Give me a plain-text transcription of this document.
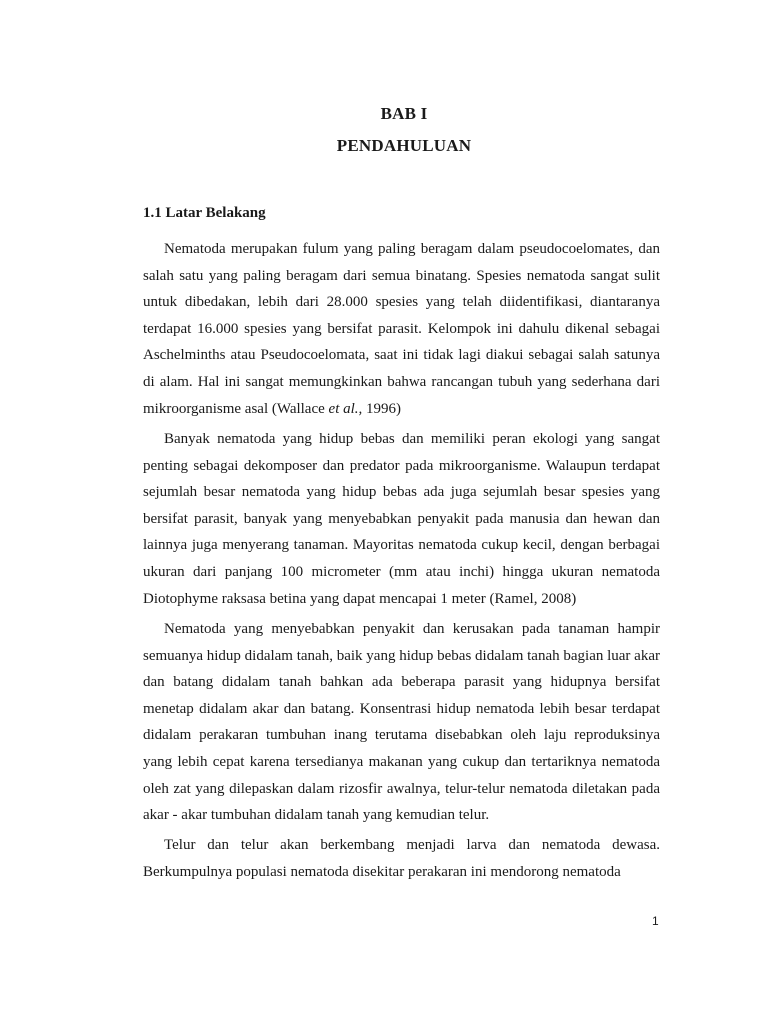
BAB I
PENDAHULUAN
1.1 Latar Belakang

Nematoda merupakan fulum yang paling beragam dalam pseudocoelomates, dan salah satu yang paling beragam dari semua binatang. Spesies nematoda sangat sulit untuk dibedakan, lebih dari 28.000 spesies yang telah diidentifikasi, diantaranya terdapat 16.000 spesies yang bersifat parasit. Kelompok ini dahulu dikenal sebagai Aschelminths atau Pseudocoelomata, saat ini tidak lagi diakui sebagai salah satunya di alam. Hal ini sangat memungkinkan bahwa rancangan tubuh yang sederhana dari mikroorganisme asal (Wallace et al., 1996)

Banyak nematoda yang hidup bebas dan memiliki peran ekologi yang sangat penting sebagai dekomposer dan predator pada mikroorganisme. Walaupun terdapat sejumlah besar nematoda yang hidup bebas ada juga sejumlah besar spesies yang bersifat parasit, banyak yang menyebabkan penyakit pada manusia dan hewan dan lainnya juga menyerang tanaman. Mayoritas nematoda cukup kecil, dengan berbagai ukuran dari panjang 100 micrometer (mm atau inchi) hingga ukuran nematoda Diotophyme raksasa betina yang dapat mencapai 1 meter (Ramel, 2008)

Nematoda yang menyebabkan penyakit dan kerusakan pada tanaman hampir semuanya hidup didalam tanah, baik yang hidup bebas didalam tanah bagian luar akar dan batang didalam tanah bahkan ada beberapa parasit yang hidupnya bersifat menetap didalam akar dan batang. Konsentrasi hidup nematoda lebih besar terdapat didalam perakaran tumbuhan inang terutama disebabkan oleh laju reproduksinya yang lebih cepat karena tersedianya makanan yang cukup dan tertariknya nematoda oleh zat yang dilepaskan dalam rizosfir awalnya, telur-telur nematoda diletakan pada akar - akar tumbuhan didalam tanah yang kemudian telur.

Telur dan telur akan berkembang menjadi larva dan nematoda dewasa. Berkumpulnya populasi nematoda disekitar perakaran ini mendorong nematoda

1
